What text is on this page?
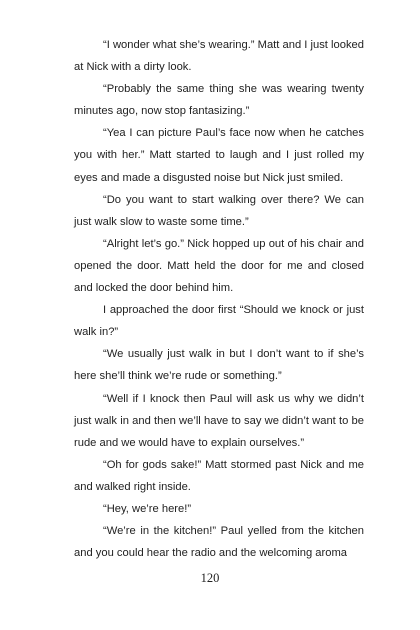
“I wonder what she’s wearing.” Matt and I just looked at Nick with a dirty look.

“Probably the same thing she was wearing twenty minutes ago, now stop fantasizing.”

“Yea I can picture Paul’s face now when he catches you with her.” Matt started to laugh and I just rolled my eyes and made a disgusted noise but Nick just smiled.

“Do you want to start walking over there? We can just walk slow to waste some time.”

“Alright let’s go.” Nick hopped up out of his chair and opened the door. Matt held the door for me and closed and locked the door behind him.

I approached the door first “Should we knock or just walk in?”

“We usually just walk in but I don’t want to if she’s here she’ll think we’re rude or something.”

“Well if I knock then Paul will ask us why we didn’t just walk in and then we’ll have to say we didn’t want to be rude and we would have to explain ourselves.”

“Oh for gods sake!” Matt stormed past Nick and me and walked right inside.

“Hey, we’re here!”

“We’re in the kitchen!” Paul yelled from the kitchen and you could hear the radio and the welcoming aroma

120
